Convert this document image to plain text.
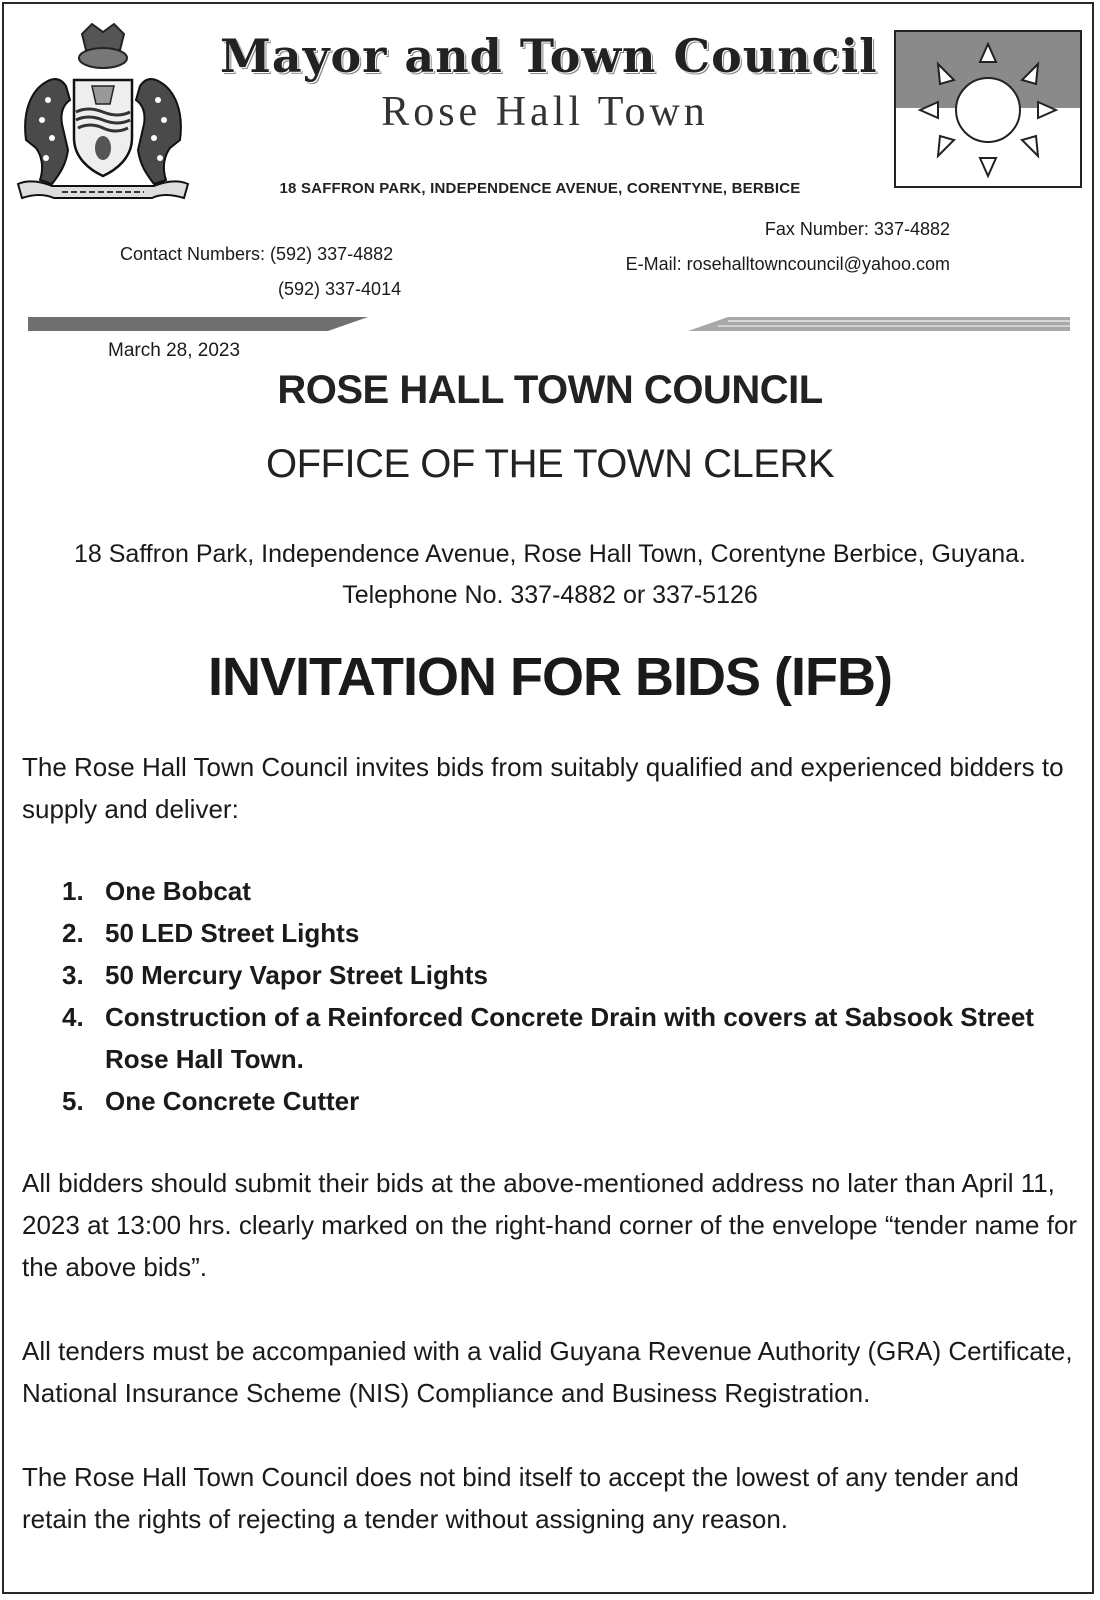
Mayor and Town Council
Rose Hall Town
18 SAFFRON PARK, INDEPENDENCE AVENUE, CORENTYNE, BERBICE
Contact Numbers: (592) 337-4882
(592) 337-4014
Fax Number: 337-4882
E-Mail: rosehalltowncouncil@yahoo.com
March 28, 2023
ROSE HALL TOWN COUNCIL
OFFICE OF THE TOWN CLERK
18 Saffron Park, Independence Avenue, Rose Hall Town, Corentyne Berbice, Guyana.
Telephone No. 337-4882 or 337-5126
INVITATION FOR BIDS (IFB)
The Rose Hall Town Council invites bids from suitably qualified and experienced bidders to supply and deliver:
1. One Bobcat
2. 50 LED Street Lights
3. 50 Mercury Vapor Street Lights
4. Construction of a Reinforced Concrete Drain with covers at Sabsook Street Rose Hall Town.
5. One Concrete Cutter
All bidders should submit their bids at the above-mentioned address no later than April 11, 2023 at 13:00 hrs. clearly marked on the right-hand corner of the envelope “tender name for the above bids”.
All tenders must be accompanied with a valid Guyana Revenue Authority (GRA) Certificate, National Insurance Scheme (NIS) Compliance and Business Registration.
The Rose Hall Town Council does not bind itself to accept the lowest of any tender and retain the rights of rejecting a tender without assigning any reason.
